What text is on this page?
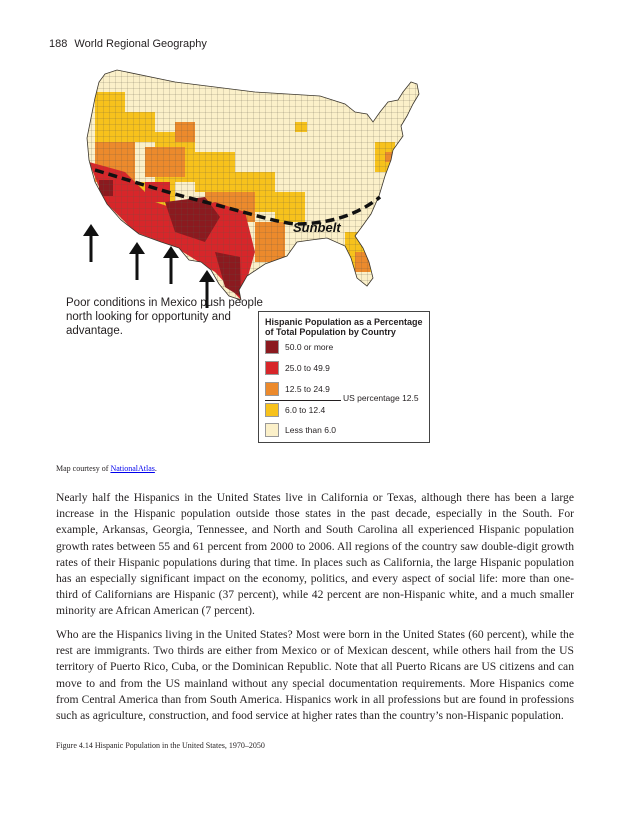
188 World Regional Geography
Sunbelt
Poor conditions in Mexico push people north looking for opportunity and advantage.
Hispanic Population as a Percentage of Total Population by Country
50.0 or more
25.0 to 49.9
12.5 to 24.9
US percentage 12.5
6.0 to 12.4
Less than 6.0
Map courtesy of NationalAtlas.

Nearly half the Hispanics in the United States live in California or Texas, although there has been a large increase in the Hispanic population outside those states in the past decade, especially in the South. For example, Arkansas, Georgia, Tennessee, and North and South Carolina all experienced Hispanic population growth rates between 55 and 61 percent from 2000 to 2006. All regions of the country saw double-digit growth rates of their Hispanic populations during that time. In places such as California, the large Hispanic population has an especially significant impact on the economy, politics, and every aspect of social life: more than one-third of Californians are Hispanic (37 percent), while 42 percent are non-Hispanic white, and a much smaller minority are African American (7 percent).

Who are the Hispanics living in the United States? Most were born in the United States (60 percent), while the rest are immigrants. Two thirds are either from Mexico or of Mexican descent, while others hail from the US territory of Puerto Rico, Cuba, or the Dominican Republic. Note that all Puerto Ricans are US citizens and can move to and from the US mainland without any special documentation requirements. More Hispanics come from Central America than from South America. Hispanics work in all professions but are found in professions such as agriculture, construction, and food service at higher rates than the country’s non-Hispanic population.

Figure 4.14 Hispanic Population in the United States, 1970–2050
